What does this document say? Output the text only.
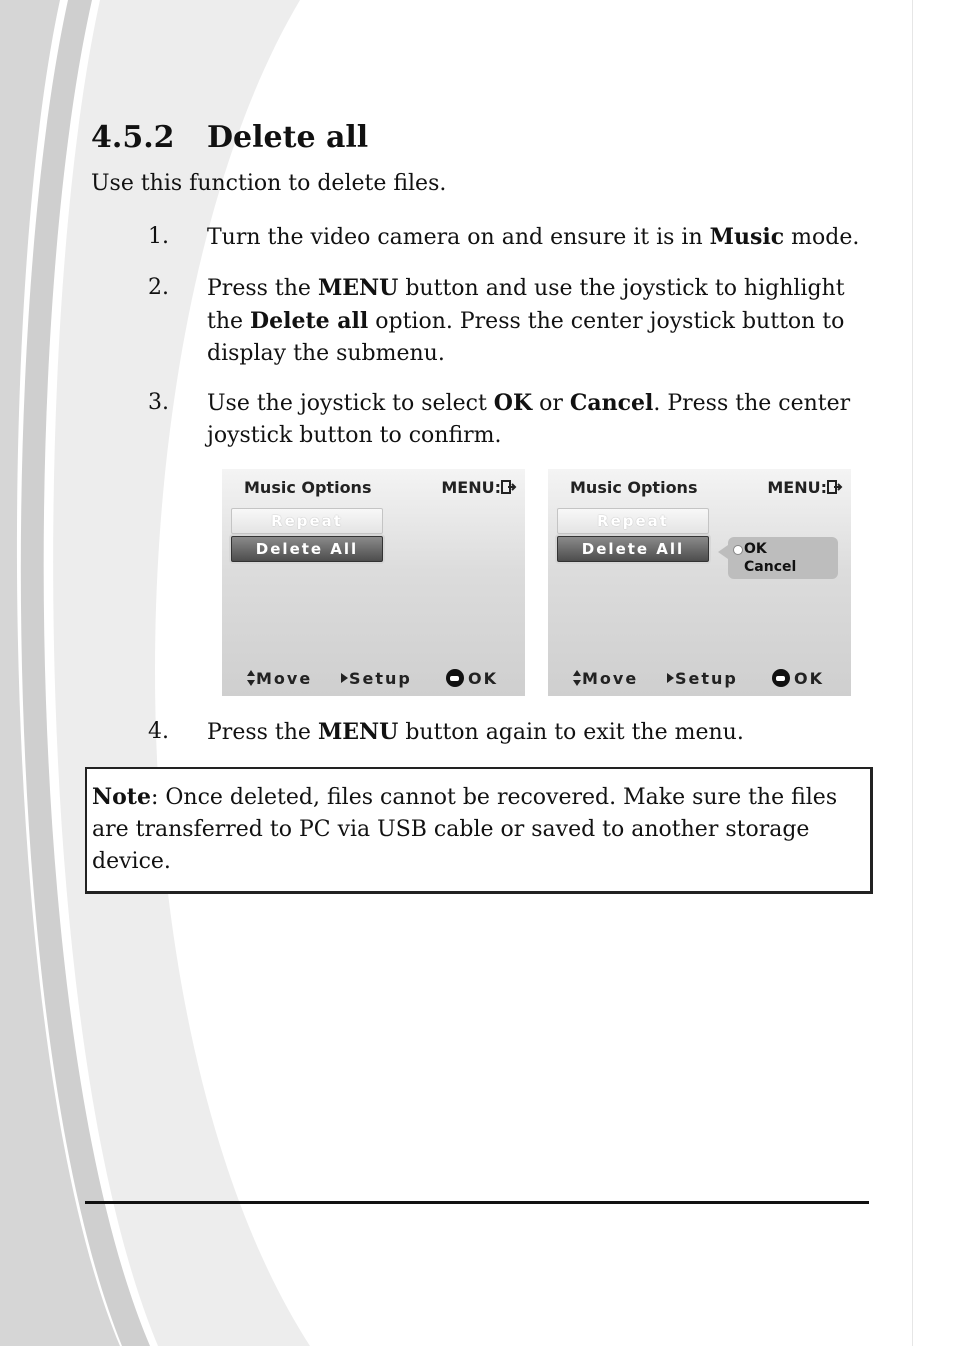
4.5.2 Delete all
Use this function to delete files.
1. Turn the video camera on and ensure it is in Music mode.
2. Press the MENU button and use the joystick to highlight the Delete all option. Press the center joystick button to display the submenu.
3. Use the joystick to select OK or Cancel. Press the center joystick button to confirm.
Music Options	MENU:
Repeat
Delete All
Move	Setup	OK
Music Options	MENU:
Repeat
Delete All	OK
Cancel
Move	Setup	OK
4. Press the MENU button again to exit the menu.
Note: Once deleted, files cannot be recovered. Make sure the files are transferred to PC via USB cable or saved to another storage device.
